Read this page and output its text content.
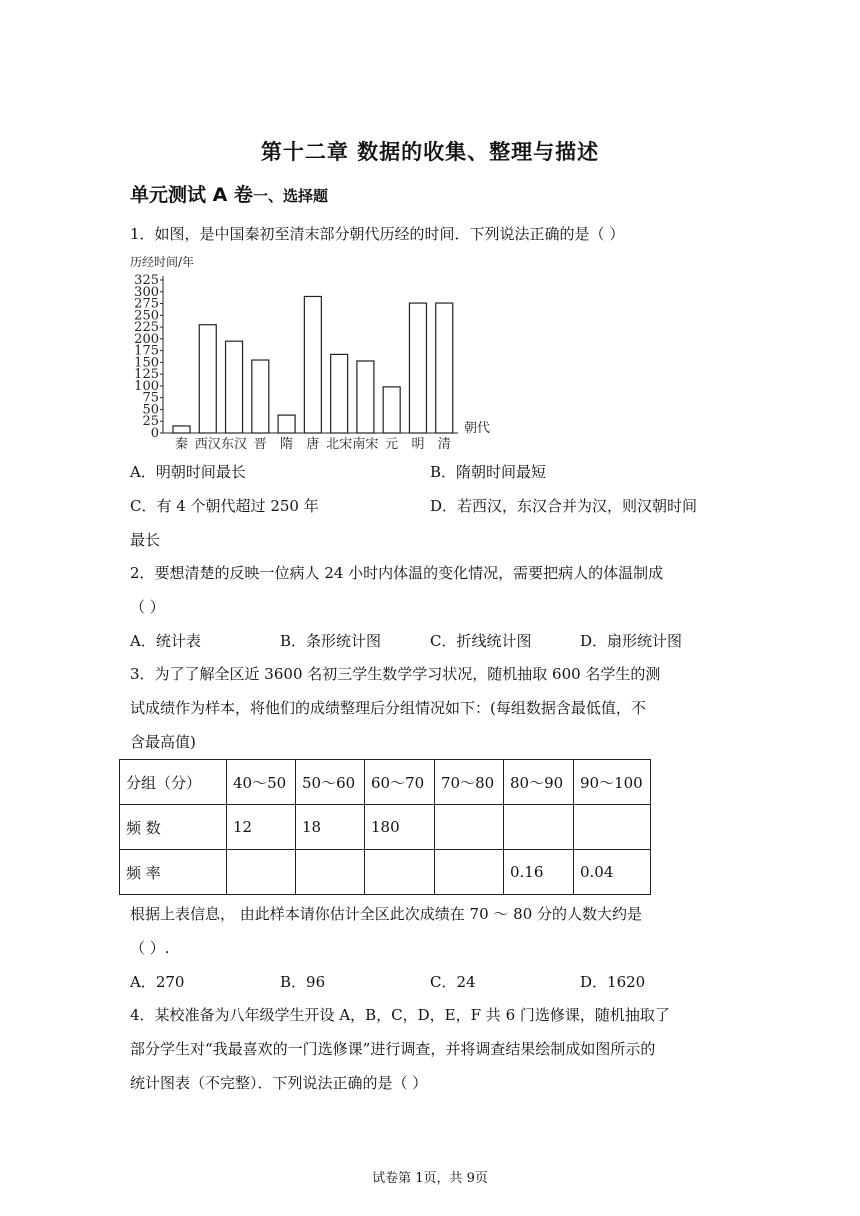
第十二章 数据的收集、整理与描述
单元测试 A 卷一、选择题
1．如图，是中国秦初至清末部分朝代历经的时间．下列说法正确的是（ ）
历经时间/年
0
25
50
75
100
125
150
175
200
225
250
275
300
325
秦 西汉 东汉 晋 隋 唐 北宋 南宋 元 明 清
朝代
A．明朝时间最长	B．隋朝时间最短
C．有 4 个朝代超过 250 年	D．若西汉，东汉合并为汉，则汉朝时间
最长
2．要想清楚的反映一位病人 24 小时内体温的变化情况，需要把病人的体温制成
（ ）
A．统计表	B．条形统计图	C．折线统计图	D．扇形统计图
3．为了了解全区近 3600 名初三学生数学学习状况，随机抽取 600 名学生的测
试成绩作为样本，将他们的成绩整理后分组情况如下：(每组数据含最低值，不
含最高值)
分组（分）	40～50	50～60	60～70	70～80	80～90	90～100
频 数	12	18	180			
频 率					0.16	0.04
根据上表信息， 由此样本请你估计全区此次成绩在 70 ～ 80 分的人数大约是
（ ）.
A．270	B．96	C．24	D．1620
4．某校准备为八年级学生开设 A，B，C，D，E，F 共 6 门选修课，随机抽取了
部分学生对“我最喜欢的一门选修课”进行调查，并将调查结果绘制成如图所示的
统计图表（不完整）．下列说法正确的是（ ）
试卷第 1页，共 9页
